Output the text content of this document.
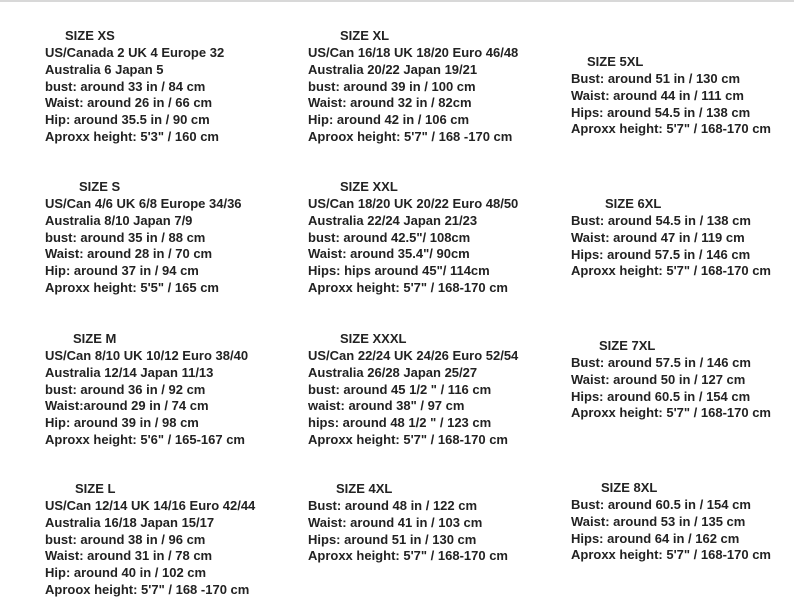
SIZE XS
US/Canada 2 UK 4 Europe 32
Australia 6 Japan 5
bust: around 33 in / 84 cm
Waist: around 26 in / 66 cm
Hip: around 35.5 in / 90 cm
Aproxx height: 5'3" / 160 cm
SIZE S
US/Can 4/6 UK 6/8 Europe 34/36
Australia 8/10 Japan 7/9
bust: around 35 in / 88 cm
Waist: around 28 in / 70 cm
Hip: around 37 in / 94 cm
Aproxx height: 5'5" / 165 cm
SIZE M
US/Can 8/10 UK 10/12 Euro 38/40
Australia 12/14 Japan 11/13
bust: around 36 in / 92 cm
Waist:around 29 in / 74 cm
Hip: around 39 in / 98 cm
Aproxx height: 5'6" / 165-167 cm
SIZE L
US/Can 12/14 UK 14/16 Euro 42/44
Australia 16/18 Japan 15/17
bust: around 38 in / 96 cm
Waist: around 31 in / 78 cm
Hip: around 40 in / 102 cm
Aproox height: 5'7" / 168 -170 cm
SIZE XL
US/Can 16/18 UK 18/20 Euro 46/48
Australia 20/22 Japan 19/21
bust: around 39 in / 100 cm
Waist: around 32 in / 82cm
Hip: around 42 in / 106 cm
Aproox height: 5'7" / 168 -170 cm
SIZE XXL
US/Can 18/20 UK 20/22 Euro 48/50
Australia 22/24 Japan 21/23
bust: around 42.5"/ 108cm
Waist: around 35.4"/ 90cm
Hips: hips around 45"/ 114cm
Aproxx height: 5'7" / 168-170 cm
SIZE XXXL
US/Can 22/24 UK 24/26 Euro 52/54
Australia 26/28 Japan 25/27
bust: around 45 1/2 " / 116 cm
waist: around 38" / 97 cm
hips: around 48 1/2 " / 123 cm
Aproxx height: 5'7" / 168-170 cm
SIZE 4XL
Bust: around 48 in / 122 cm
Waist: around 41 in / 103 cm
Hips: around 51 in / 130 cm
Aproxx height: 5'7" / 168-170 cm
SIZE 5XL
Bust: around 51 in / 130 cm
Waist: around 44 in / 111 cm
Hips: around 54.5 in / 138 cm
Aproxx height: 5'7" / 168-170 cm
SIZE 6XL
Bust: around 54.5 in / 138 cm
Waist: around 47 in / 119 cm
Hips: around 57.5 in / 146 cm
Aproxx height: 5'7" / 168-170 cm
SIZE 7XL
Bust: around 57.5 in / 146 cm
Waist: around 50 in / 127 cm
Hips: around 60.5 in / 154 cm
Aproxx height: 5'7" / 168-170 cm
SIZE 8XL
Bust: around 60.5 in / 154 cm
Waist: around 53 in / 135 cm
Hips: around 64 in / 162 cm
Aproxx height: 5'7" / 168-170 cm
